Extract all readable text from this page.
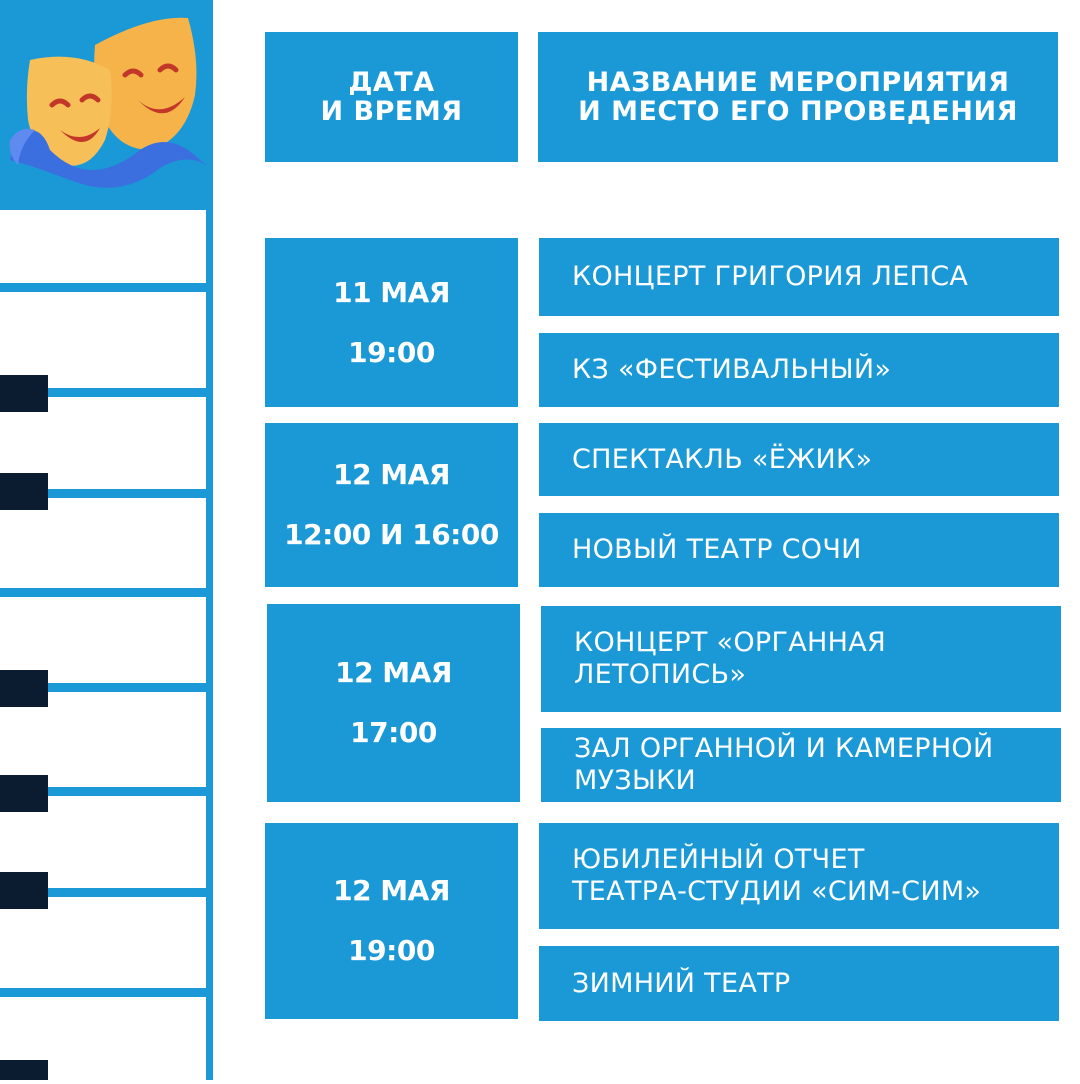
ДАТА
И ВРЕМЯ
НАЗВАНИЕ МЕРОПРИЯТИЯ
И МЕСТО ЕГО ПРОВЕДЕНИЯ
11 МАЯ
19:00
КОНЦЕРТ ГРИГОРИЯ ЛЕПСА
КЗ «ФЕСТИВАЛЬНЫЙ»
12 МАЯ
12:00 И 16:00
СПЕКТАКЛЬ «ЁЖИК»
НОВЫЙ ТЕАТР СОЧИ
12 МАЯ
17:00
КОНЦЕРТ «ОРГАННАЯ
ЛЕТОПИСЬ»
ЗАЛ ОРГАННОЙ И КАМЕРНОЙ
МУЗЫКИ
12 МАЯ
19:00
ЮБИЛЕЙНЫЙ ОТЧЕТ
ТЕАТРА-СТУДИИ «СИМ-СИМ»
ЗИМНИЙ ТЕАТР
